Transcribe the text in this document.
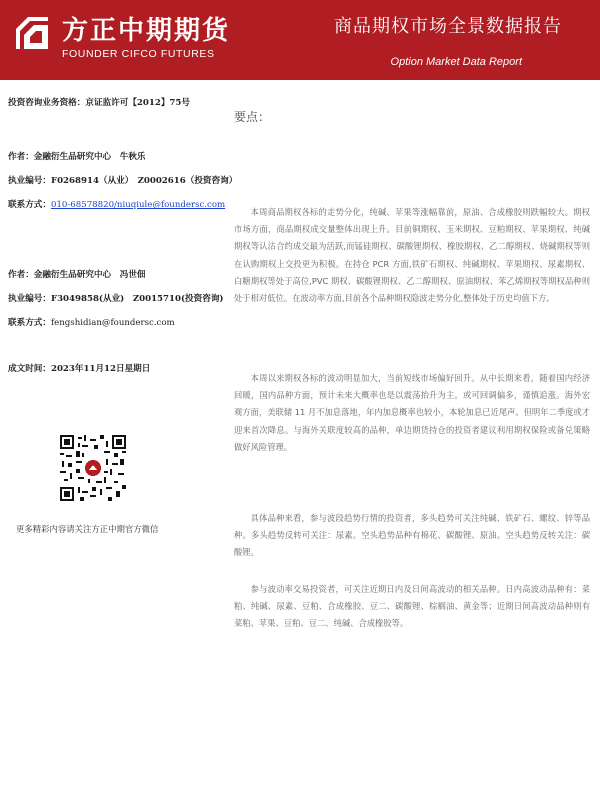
方正中期期货
FOUNDER CIFCO FUTURES
商品期权市场全景数据报告
Option Market Data Report
投资咨询业务资格：京证监许可【2012】75号
作者：金融衍生品研究中心　牛秋乐
执业编号：F0268914（从业）　Z0002616（投资咨询）
联系方式：010-68578820/niuqiule@foundersc.com
作者：金融衍生品研究中心　冯世佃
执业编号：F3049858(从业)　Z0015710(投资咨询)
联系方式：fengshidian@foundersc.com
成文时间：2023年11月12日星期日
更多精彩内容请关注方正中期官方微信
要点：
本周商品期权各标的走势分化，纯碱、苹果等涨幅靠前，原油、合成橡胶则跌幅较大。期权市场方面，商品期权成交量整体出现上升。目前铜期权、玉米期权、豆粕期权、苹果期权、纯碱期权等认沽合约成交最为活跃,而锰硅期权、碳酸锂期权、橡胶期权、乙二醇期权、烧碱期权等则在认购期权上交投更为积极。在持仓 PCR 方面,铁矿石期权、纯碱期权、苹果期权、尿素期权、白糖期权等处于高位,PVC 期权、碳酸锂期权、乙二醇期权、原油期权、苯乙烯期权等期权品种则处于相对低位。在波动率方面,目前各个品种期权隐波走势分化,整体处于历史均值下方。
本周以来期权各标的波动明显加大，当前短线市场偏好回升。从中长期来看，随着国内经济回暖，国内品种方面，预计未来大概率也是以震荡抬升为主。或可回调偏多，谨慎追涨。海外宏观方面，美联储 11 月不加息落地，年内加息概率也较小，本轮加息已近尾声。但明年二季度或才迎来首次降息。与海外关联度较高的品种，单边期货持仓的投资者建议利用期权保险或备兑策略做好风险管理。
具体品种来看，参与波段趋势行情的投资者，多头趋势可关注纯碱、铁矿石、螺纹、锌等品种。多头趋势反转可关注：尿素。空头趋势品种有棉花、碳酸锂、原油。空头趋势反转关注：碳酸锂。
参与波动率交易投资者，可关注近期日内及日间高波动的相关品种。日内高波动品种有：菜粕、纯碱、尿素、豆粕、合成橡胶、豆二、碳酸锂、棕榈油、黄金等；近期日间高波动品种则有菜粕、苹果、豆粕、豆二、纯碱、合成橡胶等。
